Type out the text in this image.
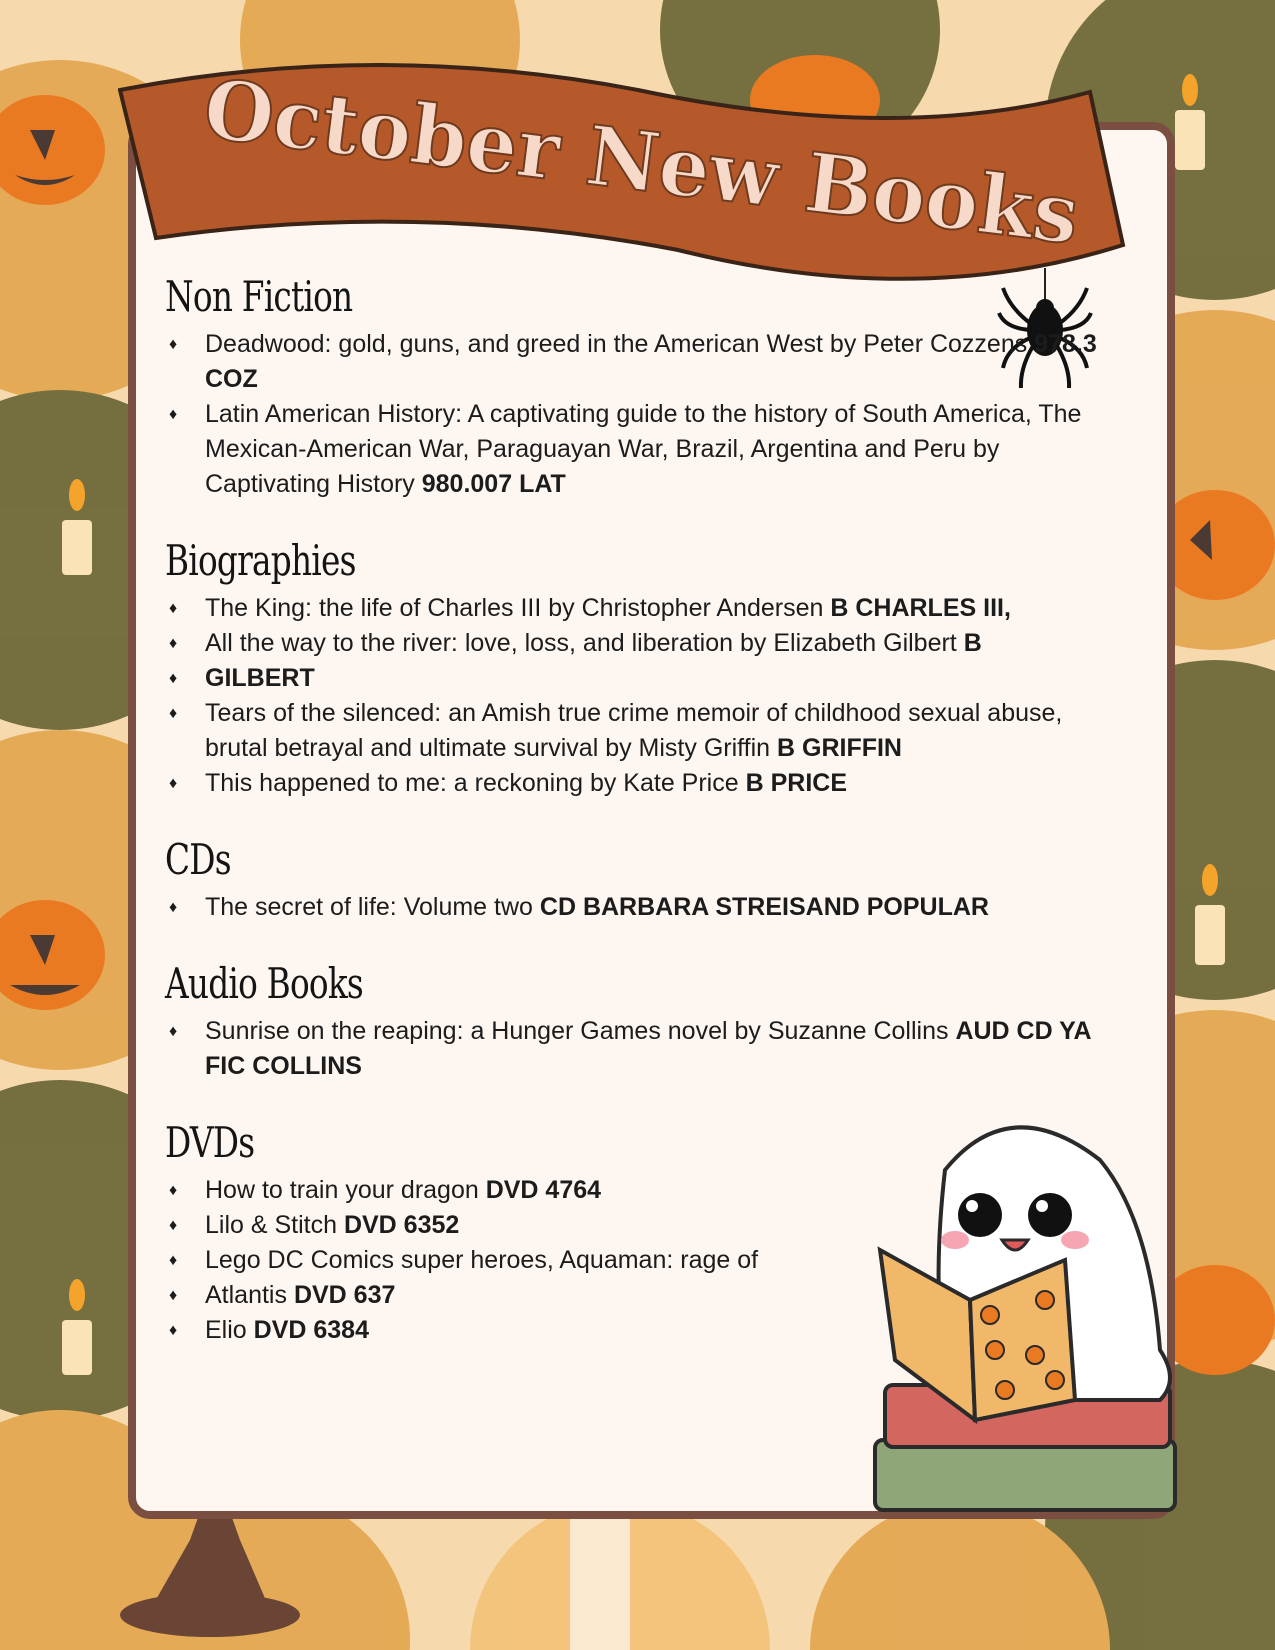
October New Books
Non Fiction
♦ Deadwood: gold, guns, and greed in the American West by Peter Cozzens 978.3 COZ
♦ Latin American History: A captivating guide to the history of South America, The Mexican-American War, Paraguayan War, Brazil, Argentina and Peru by Captivating History 980.007 LAT
Biographies
♦ The King: the life of Charles III by Christopher Andersen B CHARLES III,
♦ All the way to the river: love, loss, and liberation by Elizabeth Gilbert B
♦ GILBERT
♦ Tears of the silenced: an Amish true crime memoir of childhood sexual abuse, brutal betrayal and ultimate survival by Misty Griffin B GRIFFIN
♦ This happened to me: a reckoning by Kate Price B PRICE
CDs
♦ The secret of life: Volume two CD BARBARA STREISAND POPULAR
Audio Books
♦ Sunrise on the reaping: a Hunger Games novel by Suzanne Collins AUD CD YA FIC COLLINS
DVDs
♦ How to train your dragon DVD 4764
♦ Lilo & Stitch DVD 6352
♦ Lego DC Comics super heroes, Aquaman: rage of
♦ Atlantis DVD 637
♦ Elio DVD 6384
